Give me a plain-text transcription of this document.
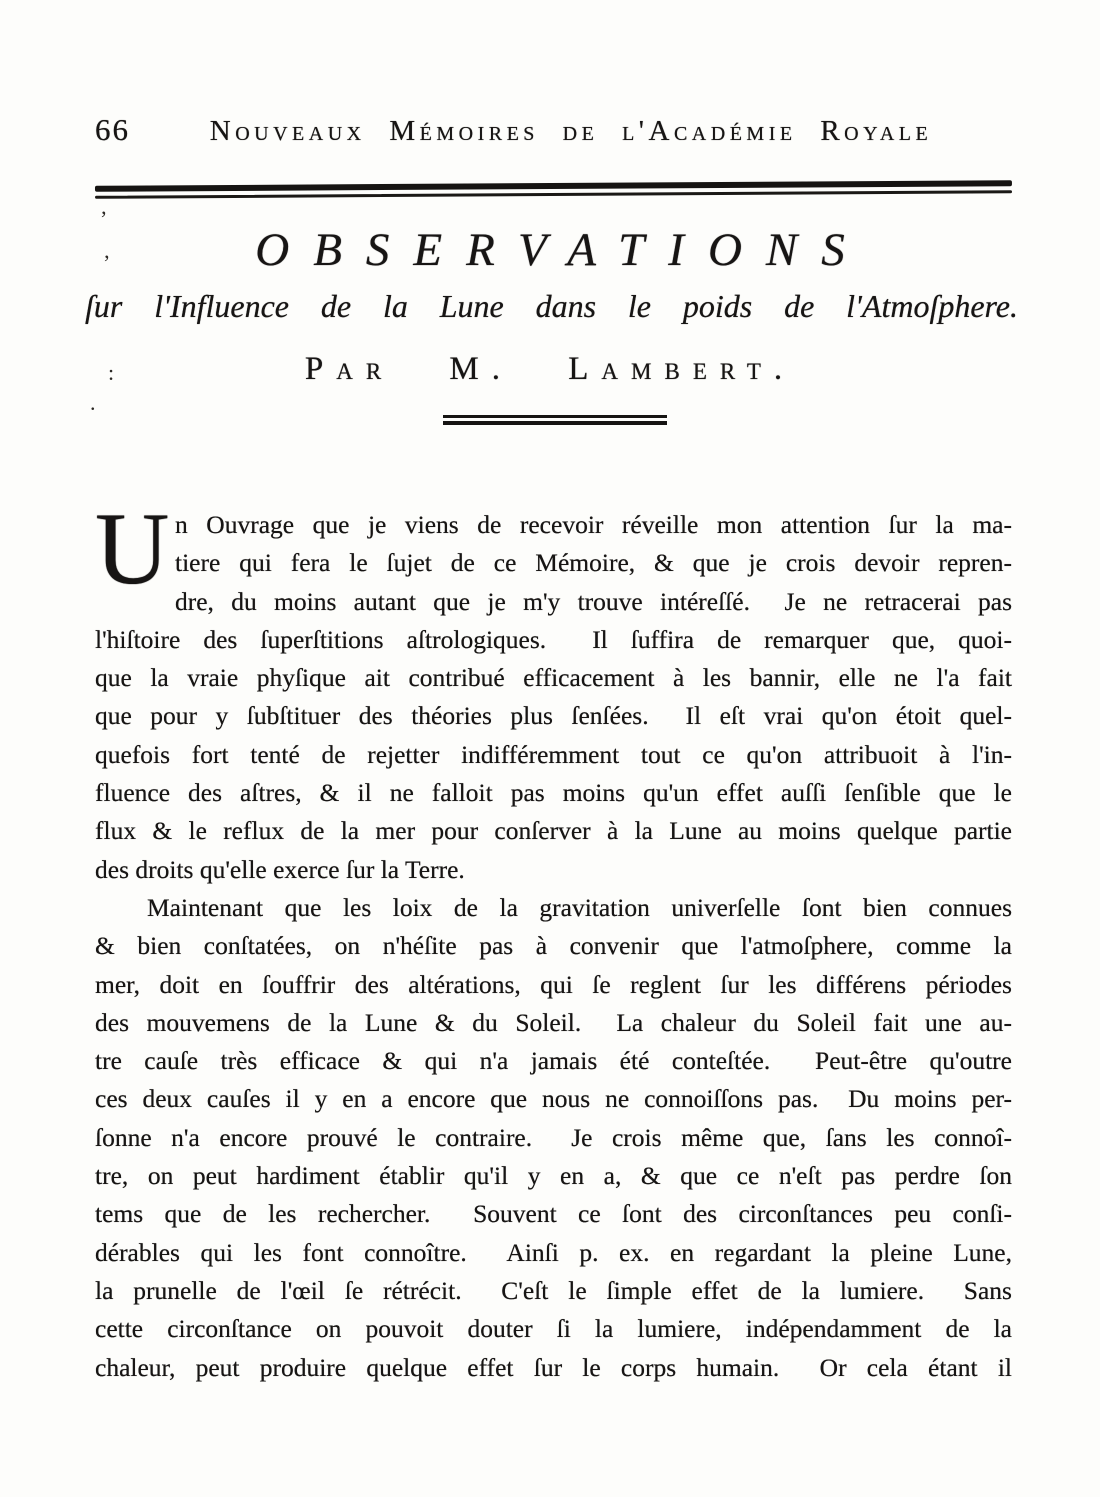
66	Nouveaux Mémoires de l'Académie Royale
OBSERVATIONS
ſur l'Influence de la Lune dans le poids de l'Atmoſphere.
Par M. Lambert.
U n Ouvrage que je viens de recevoir réveille mon attention ſur la ma-
tiere qui fera le ſujet de ce Mémoire, & que je crois devoir repren-
dre, du moins autant que je m'y trouve intéreſſé.  Je ne retracerai pas
l'hiſtoire des ſuperſtitions aſtrologiques.  Il ſuffira de remarquer que, quoi-
que la vraie phyſique ait contribué efficacement à les bannir, elle ne l'a fait
que pour y ſubſtituer des théories plus ſenſées.  Il eſt vrai qu'on étoit quel-
quefois fort tenté de rejetter indifféremment tout ce qu'on attribuoit à l'in-
fluence des aſtres, & il ne falloit pas moins qu'un effet auſſi ſenſible que le
flux & le reflux de la mer pour conſerver à la Lune au moins quelque partie
des droits qu'elle exerce ſur la Terre.
Maintenant que les loix de la gravitation univerſelle ſont bien connues
& bien conſtatées, on n'héſite pas à convenir que l'atmoſphere, comme la
mer, doit en ſouffrir des altérations, qui ſe reglent ſur les différens périodes
des mouvemens de la Lune & du Soleil.  La chaleur du Soleil fait une au-
tre cauſe très efficace & qui n'a jamais été conteſtée.  Peut-être qu'outre
ces deux cauſes il y en a encore que nous ne connoiſſons pas.  Du moins per-
ſonne n'a encore prouvé le contraire.  Je crois même que, ſans les connoî-
tre, on peut hardiment établir qu'il y en a, & que ce n'eſt pas perdre ſon
tems que de les rechercher.  Souvent ce ſont des circonſtances peu conſi-
dérables qui les font connoître.  Ainſi p. ex. en regardant la pleine Lune,
la prunelle de l'œil ſe rétrécit.  C'eſt le ſimple effet de la lumiere.  Sans
cette circonſtance on pouvoit douter ſi la lumiere, indépendamment de la
chaleur, peut produire quelque effet ſur le corps humain.  Or cela étant il
‚
’
:
.
